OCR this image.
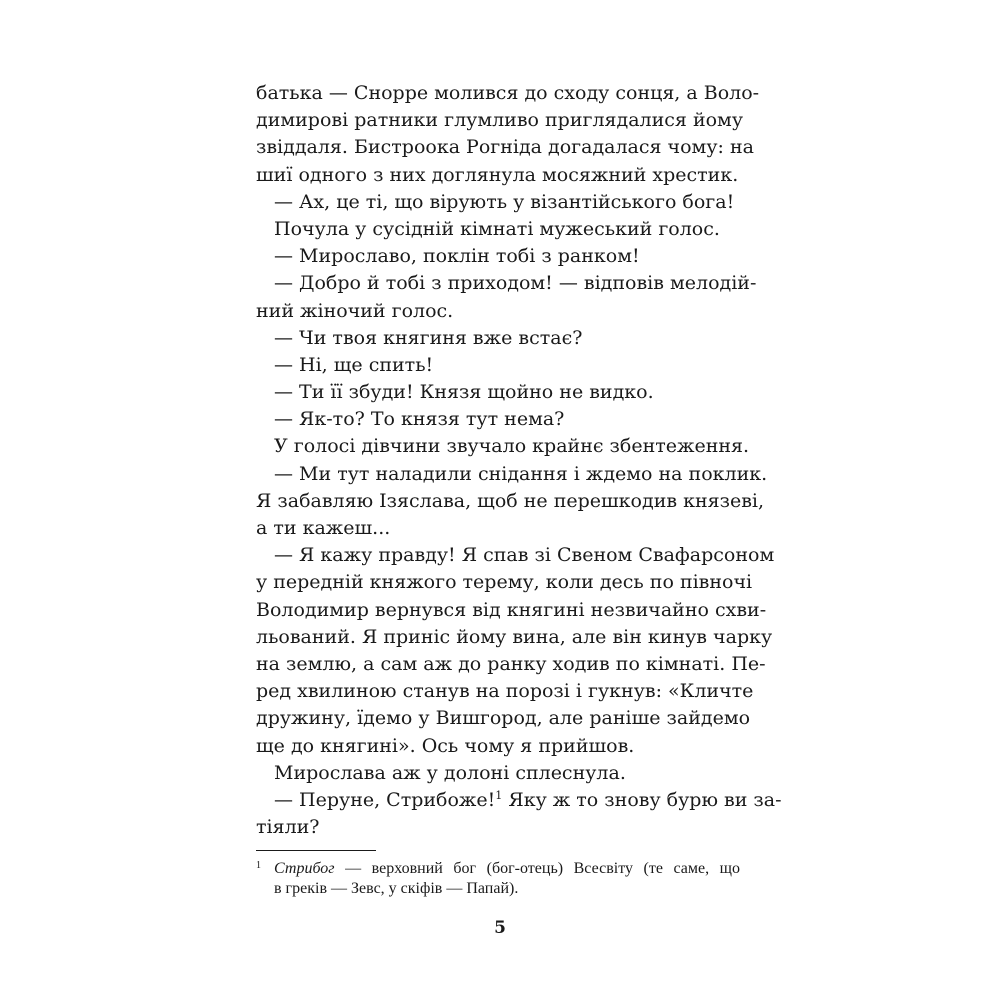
батька — Снорре молився до сходу сонця, а Воло-
димирові ратники глумливо приглядалися йому
звіддаля. Бистроока Рогніда догадалася чому: на
шиї одного з них доглянула мосяжний хрестик.
— Ах, це ті, що вірують у візантійського бога!
Почула у сусідній кімнаті мужеський голос.
— Мирославо, поклін тобі з ранком!
— Добро й тобі з приходом! — відповів мелодій-
ний жіночий голос.
— Чи твоя княгиня вже встає?
— Ні, ще спить!
— Ти її збуди! Князя щойно не видко.
— Як-то? То князя тут нема?
У голосі дівчини звучало крайнє збентеження.
— Ми тут наладили снідання і ждемо на поклик.
Я забавляю Ізяслава, щоб не перешкодив князеві,
а ти кажеш...
— Я кажу правду! Я спав зі Свеном Свафарсоном
у передній княжого терему, коли десь по півночі
Володимир вернувся від княгині незвичайно схви-
льований. Я приніс йому вина, але він кинув чарку
на землю, а сам аж до ранку ходив по кімнаті. Пе-
ред хвилиною станув на порозі і гукнув: «Кличте
дружину, їдемо у Вишгород, але раніше зайдемо
ще до княгині». Ось чому я прийшов.
Мирослава аж у долоні сплеснула.
— Перуне, Стрибоже!$^1$ Яку ж то знову бурю ви за-
тіяли?
1 Стрибог — верховний бог (бог-отець) Всесвіту (те саме, що
в греків — Зевс, у скіфів — Папай).
5
